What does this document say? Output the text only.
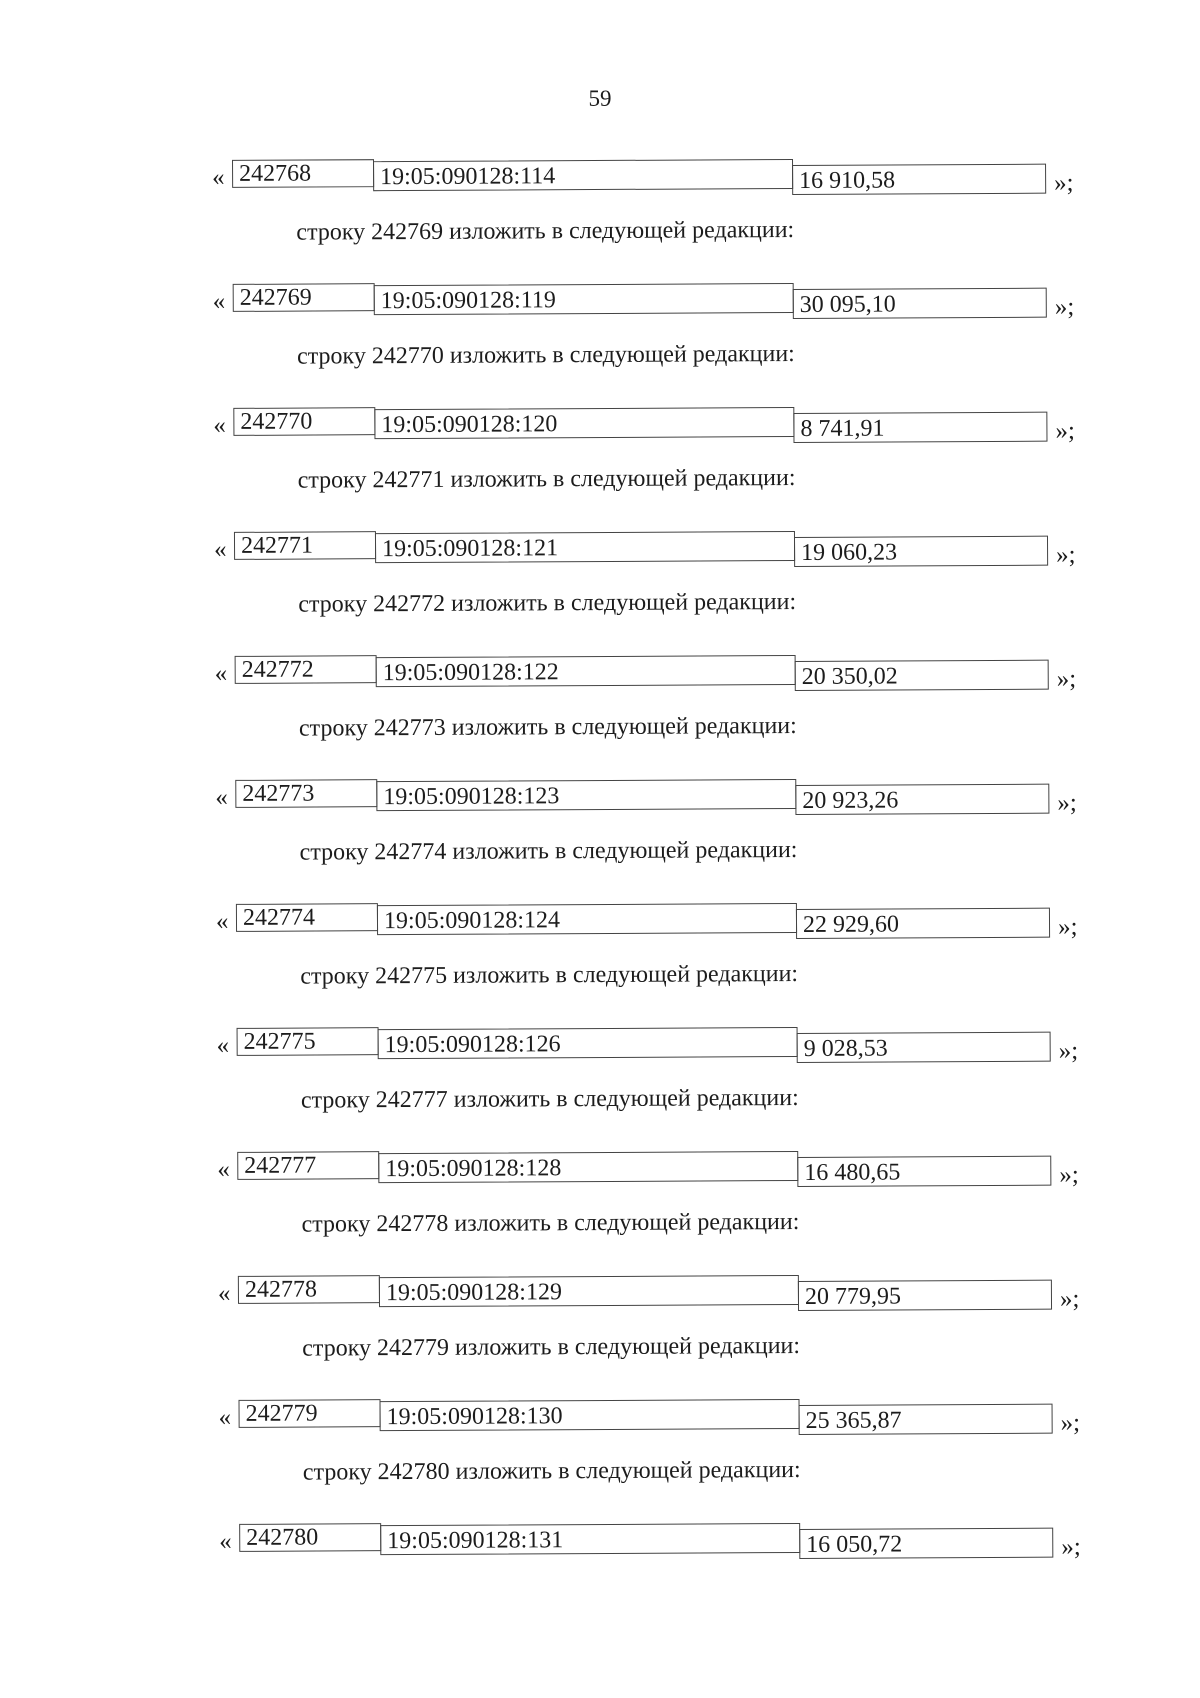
59
« 242768	19:05:090128:114	16 910,58	»;
строку 242769 изложить в следующей редакции:
« 242769	19:05:090128:119	30 095,10	»;
строку 242770 изложить в следующей редакции:
« 242770	19:05:090128:120	8 741,91	»;
строку 242771 изложить в следующей редакции:
« 242771	19:05:090128:121	19 060,23	»;
строку 242772 изложить в следующей редакции:
« 242772	19:05:090128:122	20 350,02	»;
строку 242773 изложить в следующей редакции:
« 242773	19:05:090128:123	20 923,26	»;
строку 242774 изложить в следующей редакции:
« 242774	19:05:090128:124	22 929,60	»;
строку 242775 изложить в следующей редакции:
« 242775	19:05:090128:126	9 028,53	»;
строку 242777 изложить в следующей редакции:
« 242777	19:05:090128:128	16 480,65	»;
строку 242778 изложить в следующей редакции:
« 242778	19:05:090128:129	20 779,95	»;
строку 242779 изложить в следующей редакции:
« 242779	19:05:090128:130	25 365,87	»;
строку 242780 изложить в следующей редакции:
« 242780	19:05:090128:131	16 050,72	»;
